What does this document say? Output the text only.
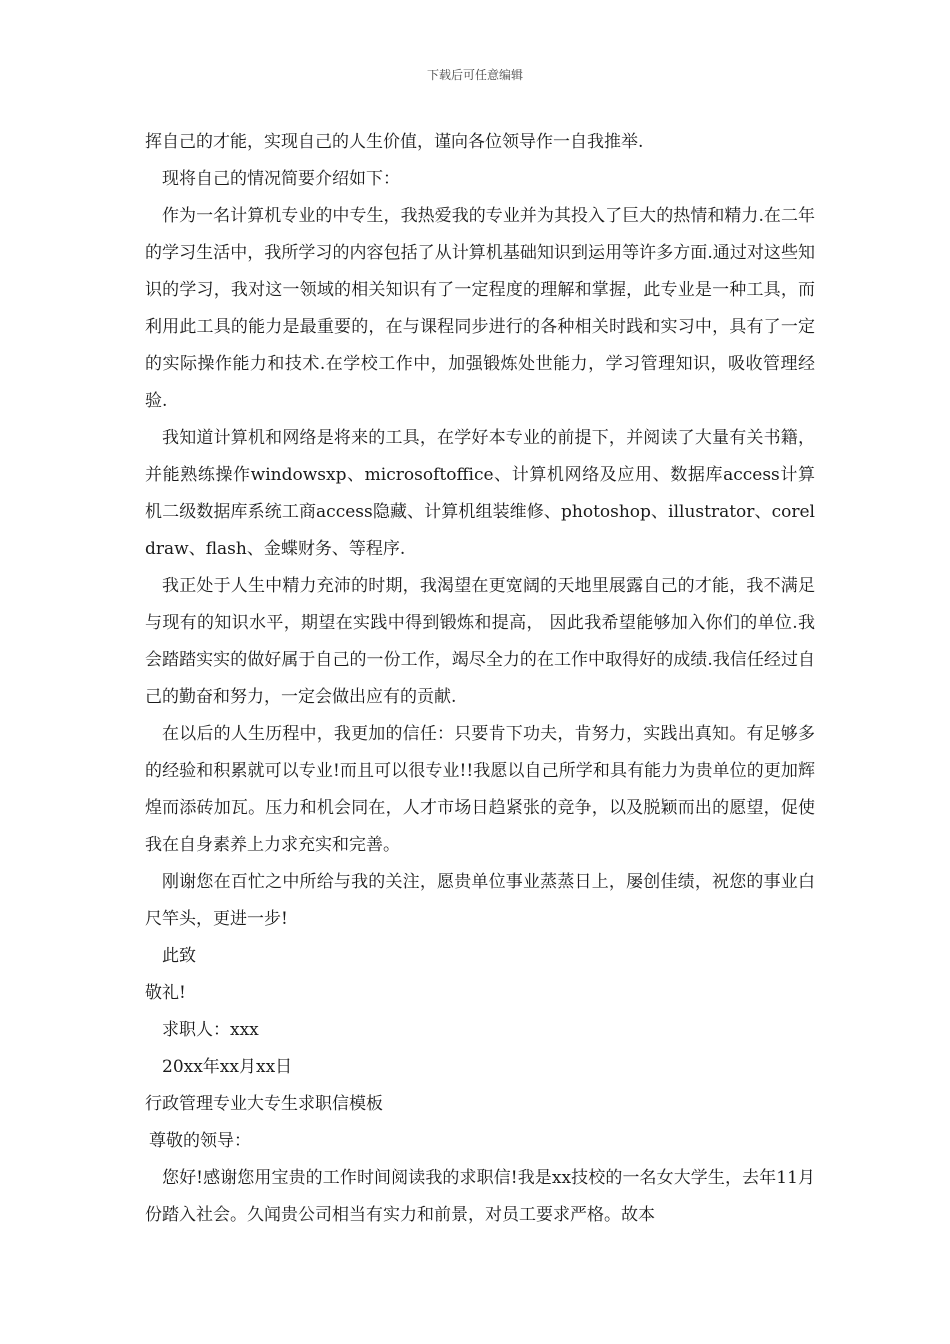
下载后可任意编辑

挥自己的才能，实现自己的人生价值，谨向各位领导作一自我推举.

现将自己的情况简要介绍如下：

作为一名计算机专业的中专生，我热爱我的专业并为其投入了巨大的热情和精力.在二年的学习生活中，我所学习的内容包括了从计算机基础知识到运用等许多方面.通过对这些知识的学习，我对这一领域的相关知识有了一定程度的理解和掌握，此专业是一种工具，而利用此工具的能力是最重要的，在与课程同步进行的各种相关时践和实习中，具有了一定的实际操作能力和技术.在学校工作中，加强锻炼处世能力，学习管理知识，吸收管理经验.

我知道计算机和网络是将来的工具，在学好本专业的前提下，并阅读了大量有关书籍，并能熟练操作windowsxp、microsoftoffice、计算机网络及应用、数据库access计算机二级数据库系统工商access隐藏、计算机组装维修、photoshop、illustrator、coreldraw、flash、金蝶财务、等程序.

我正处于人生中精力充沛的时期，我渴望在更宽阔的天地里展露自己的才能，我不满足与现有的知识水平，期望在实践中得到锻炼和提高， 因此我希望能够加入你们的单位.我会踏踏实实的做好属于自己的一份工作，竭尽全力的在工作中取得好的成绩.我信任经过自己的勤奋和努力，一定会做出应有的贡献.

在以后的人生历程中，我更加的信任：只要肯下功夫，肯努力，实践出真知。有足够多的经验和积累就可以专业!而且可以很专业!!我愿以自己所学和具有能力为贵单位的更加辉煌而添砖加瓦。压力和机会同在，人才市场日趋紧张的竞争，以及脱颖而出的愿望，促使我在自身素养上力求充实和完善。

刚谢您在百忙之中所给与我的关注，愿贵单位事业蒸蒸日上，屡创佳绩，祝您的事业白尺竿头，更进一步!

此致

敬礼!

求职人：xxx

20xx年xx月xx日

行政管理专业大专生求职信模板

尊敬的领导：

您好!感谢您用宝贵的工作时间阅读我的求职信!我是xx技校的一名女大学生，去年11月份踏入社会。久闻贵公司相当有实力和前景，对员工要求严格。故本
